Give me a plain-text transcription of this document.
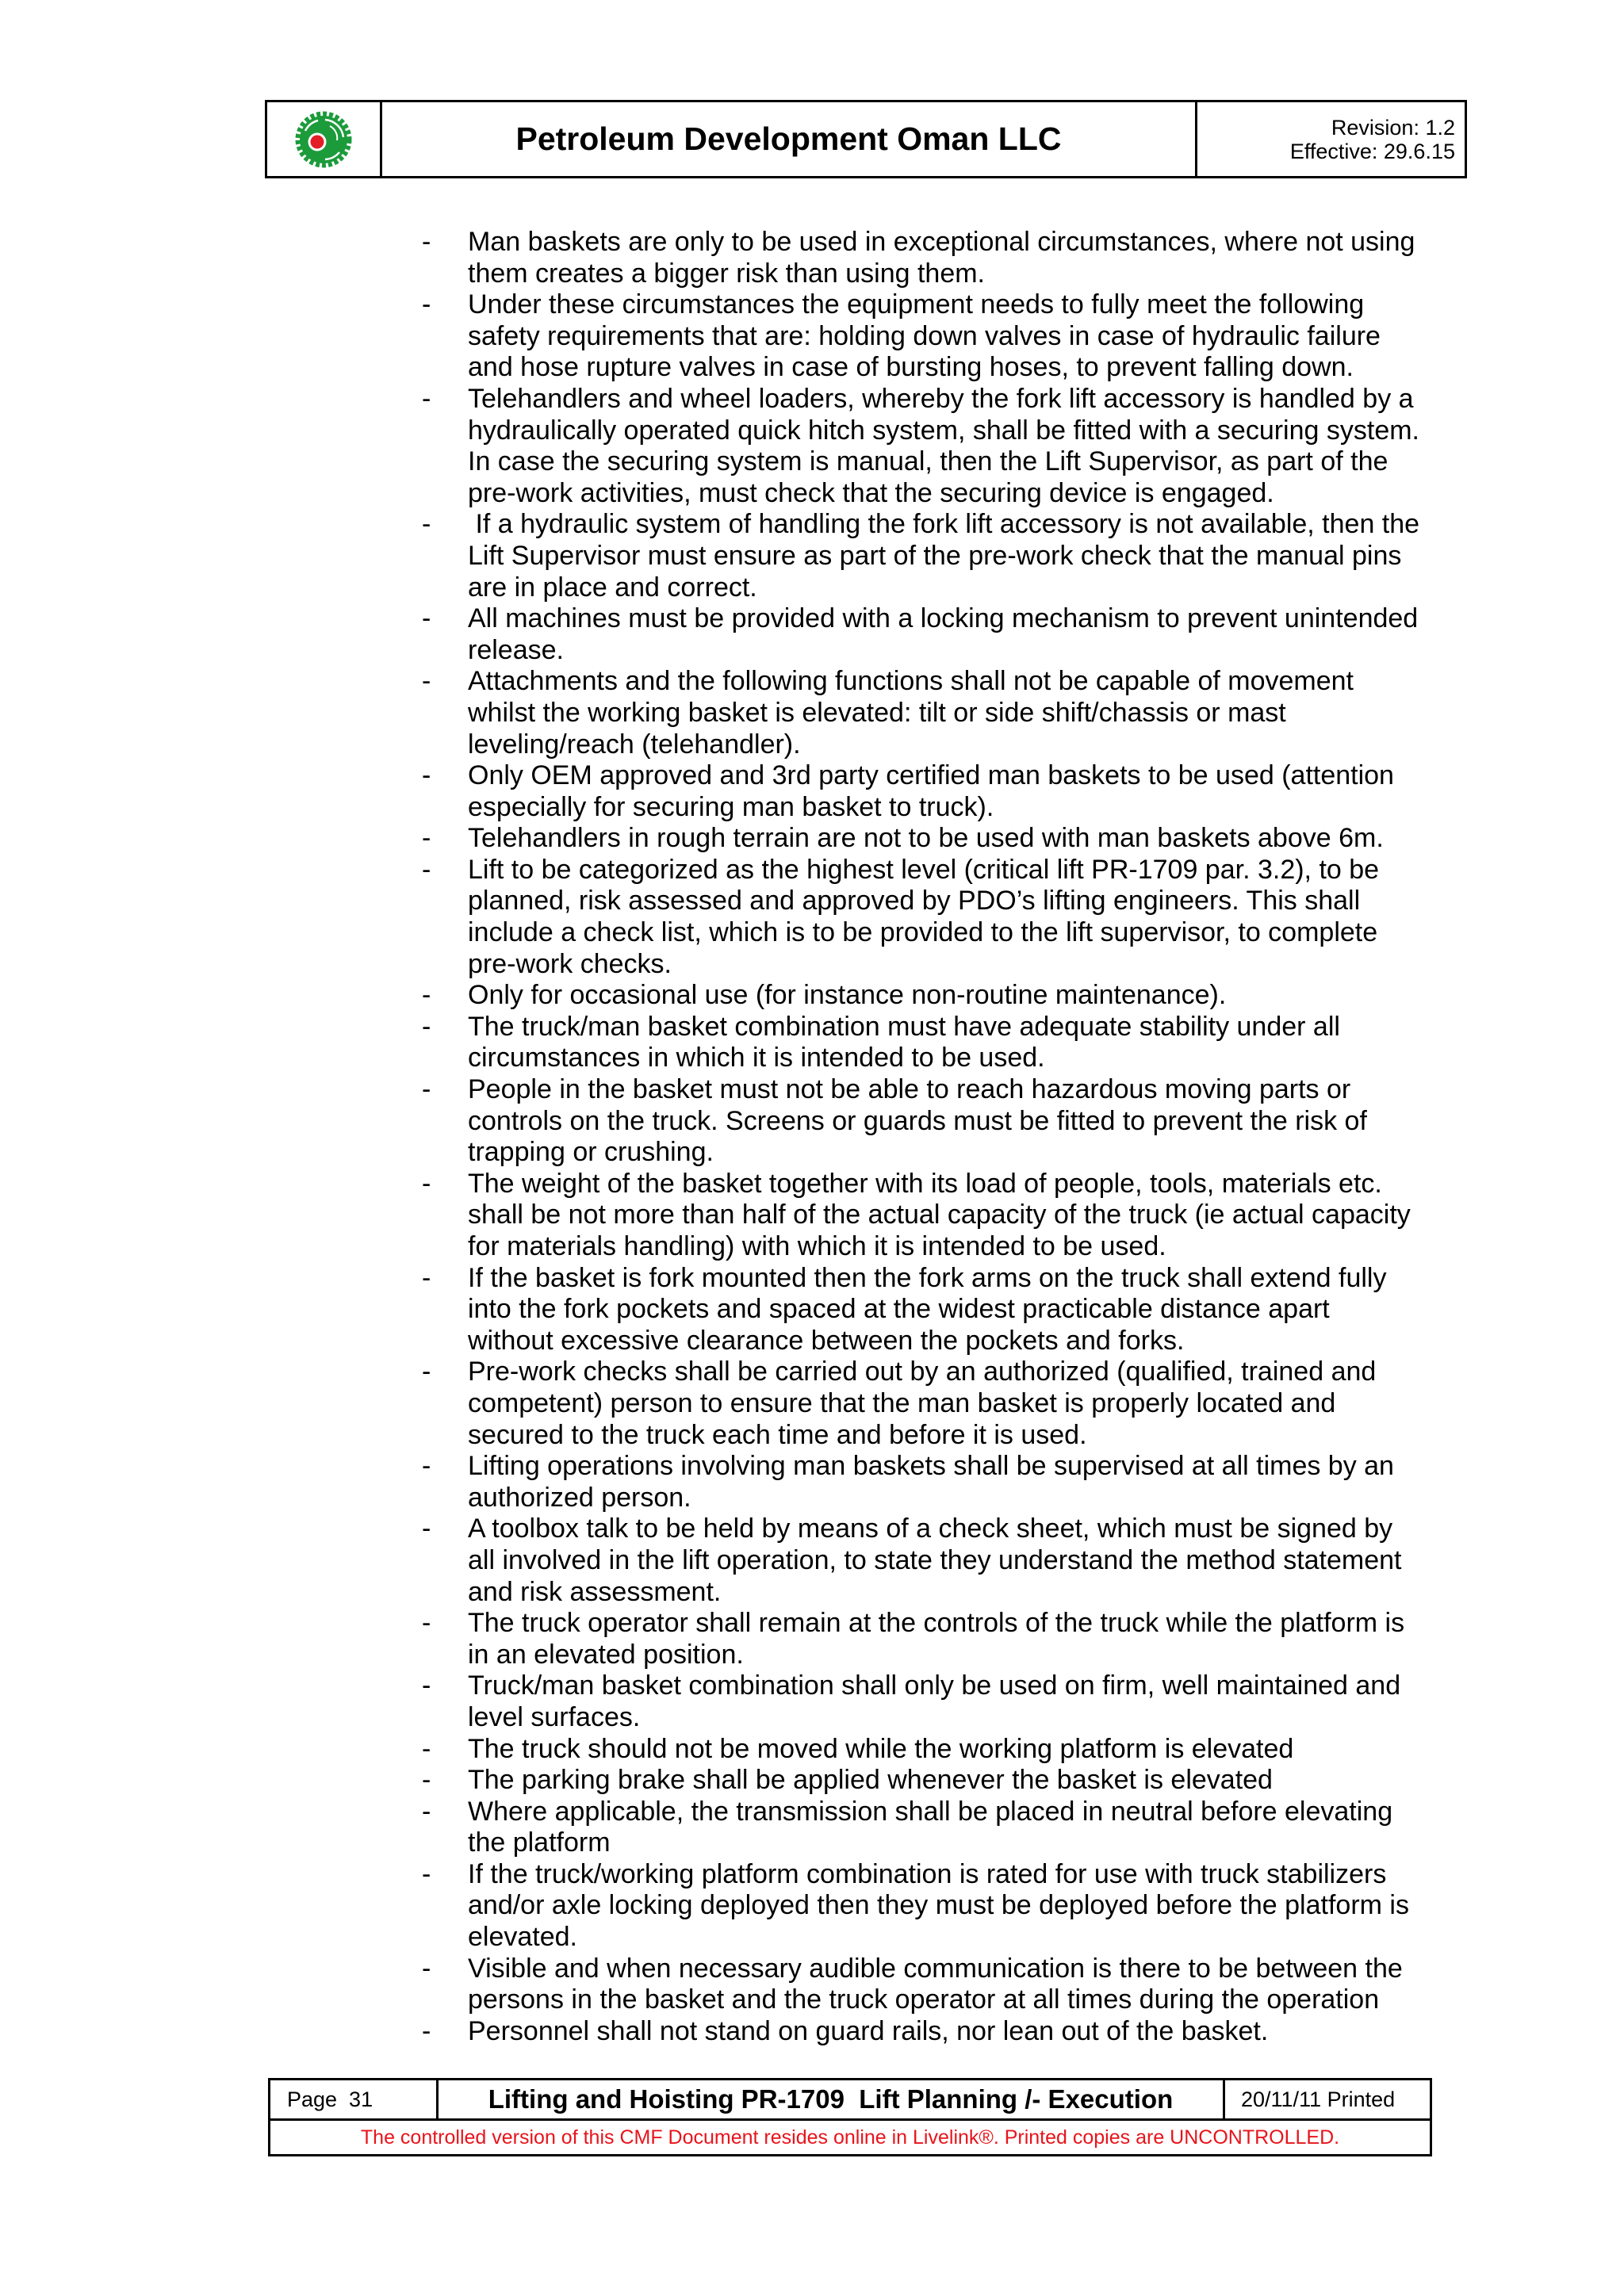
Petroleum Development Oman LLC	Revision: 1.2
Effective: 29.6.15
- Man baskets are only to be used in exceptional circumstances, where not using
them creates a bigger risk than using them.
- Under these circumstances the equipment needs to fully meet the following
safety requirements that are: holding down valves in case of hydraulic failure
and hose rupture valves in case of bursting hoses, to prevent falling down.
- Telehandlers and wheel loaders, whereby the fork lift accessory is handled by a
hydraulically operated quick hitch system, shall be fitted with a securing system.
In case the securing system is manual, then the Lift Supervisor, as part of the
pre-work activities, must check that the securing device is engaged.
- If a hydraulic system of handling the fork lift accessory is not available, then the
Lift Supervisor must ensure as part of the pre-work check that the manual pins
are in place and correct.
- All machines must be provided with a locking mechanism to prevent unintended
release.
- Attachments and the following functions shall not be capable of movement
whilst the working basket is elevated: tilt or side shift/chassis or mast
leveling/reach (telehandler).
- Only OEM approved and 3rd party certified man baskets to be used (attention
especially for securing man basket to truck).
- Telehandlers in rough terrain are not to be used with man baskets above 6m.
- Lift to be categorized as the highest level (critical lift PR-1709 par. 3.2), to be
planned, risk assessed and approved by PDO’s lifting engineers. This shall
include a check list, which is to be provided to the lift supervisor, to complete
pre-work checks.
- Only for occasional use (for instance non-routine maintenance).
- The truck/man basket combination must have adequate stability under all
circumstances in which it is intended to be used.
- People in the basket must not be able to reach hazardous moving parts or
controls on the truck. Screens or guards must be fitted to prevent the risk of
trapping or crushing.
- The weight of the basket together with its load of people, tools, materials etc.
shall be not more than half of the actual capacity of the truck (ie actual capacity
for materials handling) with which it is intended to be used.
- If the basket is fork mounted then the fork arms on the truck shall extend fully
into the fork pockets and spaced at the widest practicable distance apart
without excessive clearance between the pockets and forks.
- Pre-work checks shall be carried out by an authorized (qualified, trained and
competent) person to ensure that the man basket is properly located and
secured to the truck each time and before it is used.
- Lifting operations involving man baskets shall be supervised at all times by an
authorized person.
- A toolbox talk to be held by means of a check sheet, which must be signed by
all involved in the lift operation, to state they understand the method statement
and risk assessment.
- The truck operator shall remain at the controls of the truck while the platform is
in an elevated position.
- Truck/man basket combination shall only be used on firm, well maintained and
level surfaces.
- The truck should not be moved while the working platform is elevated
- The parking brake shall be applied whenever the basket is elevated
- Where applicable, the transmission shall be placed in neutral before elevating
the platform
- If the truck/working platform combination is rated for use with truck stabilizers
and/or axle locking deployed then they must be deployed before the platform is
elevated.
- Visible and when necessary audible communication is there to be between the
persons in the basket and the truck operator at all times during the operation
- Personnel shall not stand on guard rails, nor lean out of the basket.
Page  31	Lifting and Hoisting PR-1709  Lift Planning /- Execution	20/11/11 Printed
The controlled version of this CMF Document resides online in Livelink®. Printed copies are UNCONTROLLED.
